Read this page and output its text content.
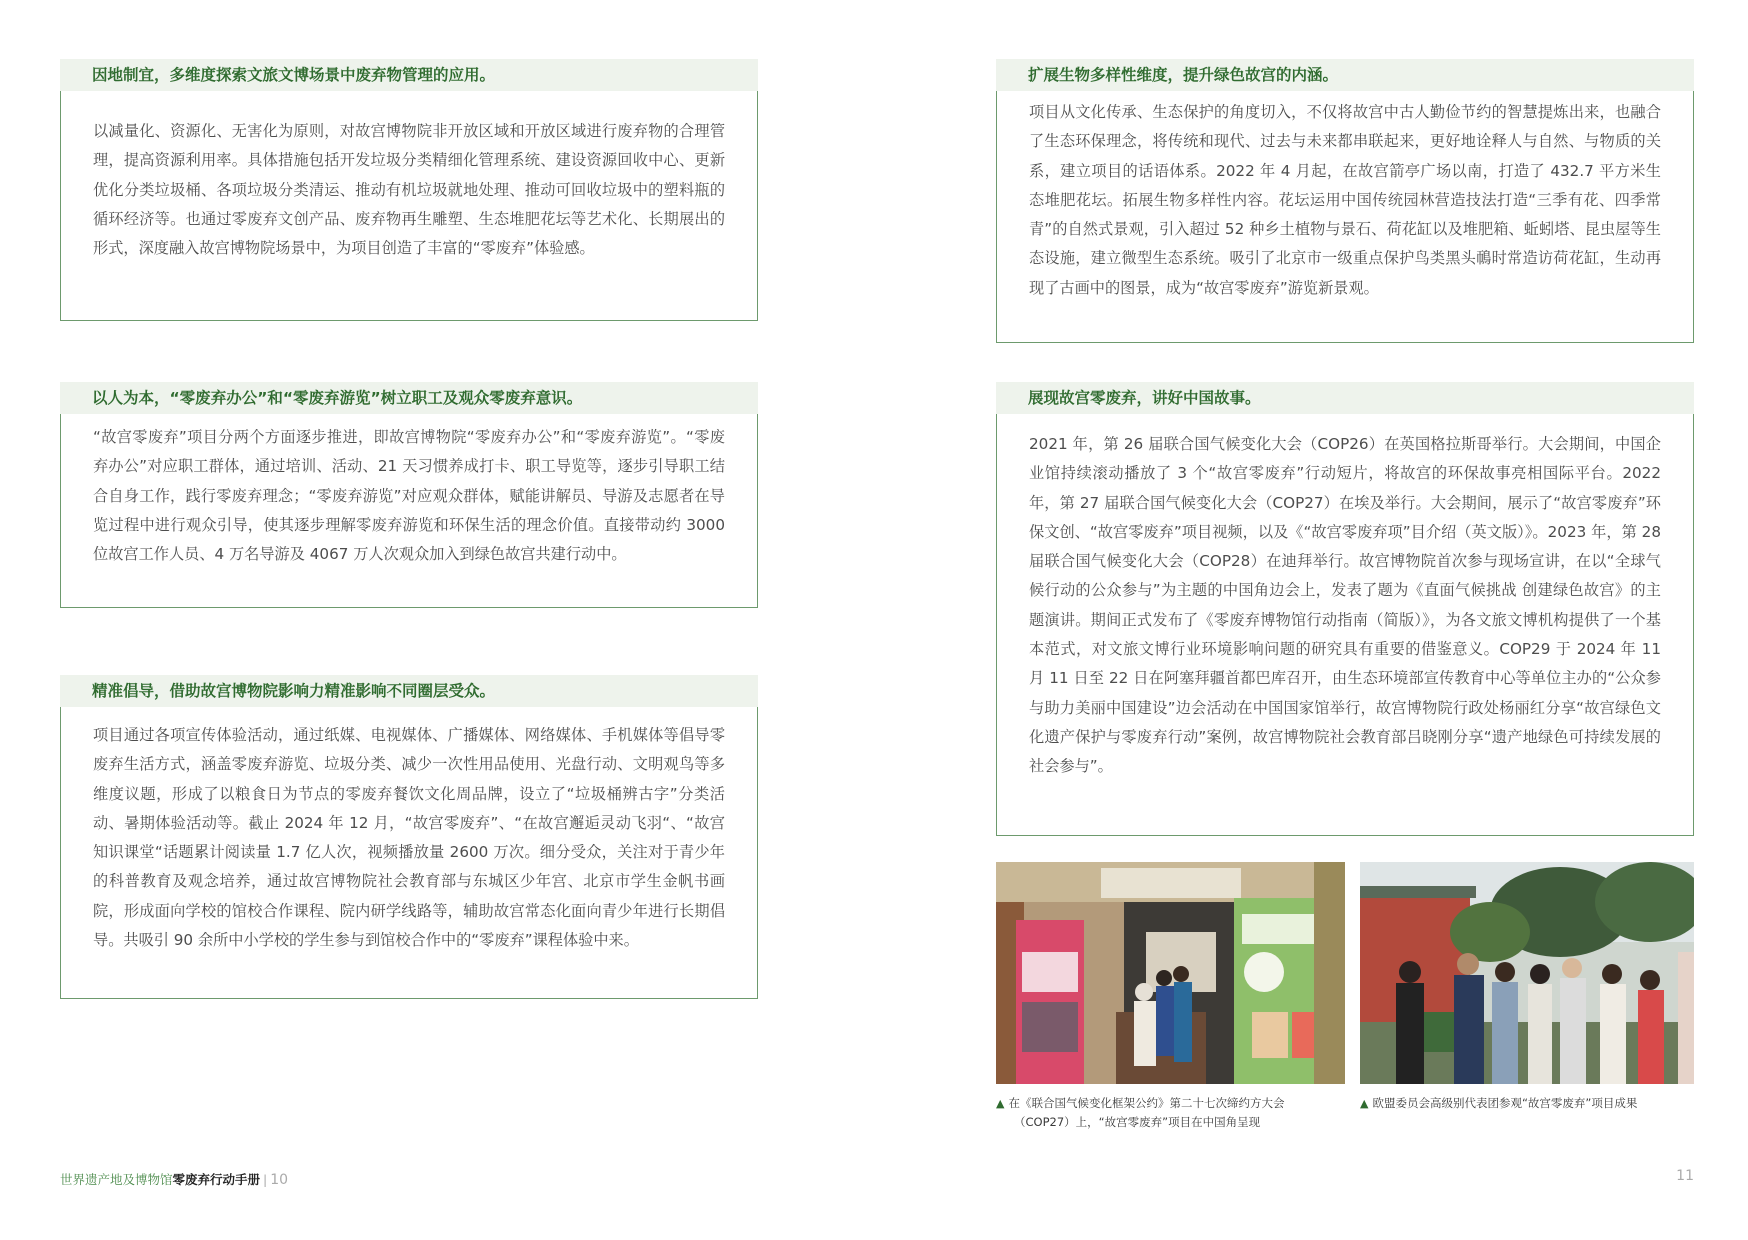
因地制宜，多维度探索文旅文博场景中废弃物管理的应用。
以减量化、资源化、无害化为原则，对故宫博物院非开放区域和开放区域进行废弃物的合理管理，提高资源利用率。具体措施包括开发垃圾分类精细化管理系统、建设资源回收中心、更新优化分类垃圾桶、各项垃圾分类清运、推动有机垃圾就地处理、推动可回收垃圾中的塑料瓶的循环经济等。也通过零废弃文创产品、废弃物再生雕塑、生态堆肥花坛等艺术化、长期展出的形式，深度融入故宫博物院场景中，为项目创造了丰富的“零废弃”体验感。
以人为本，“零废弃办公”和“零废弃游览”树立职工及观众零废弃意识。
“故宫零废弃”项目分两个方面逐步推进，即故宫博物院“零废弃办公”和“零废弃游览”。“零废弃办公”对应职工群体，通过培训、活动、21 天习惯养成打卡、职工导览等，逐步引导职工结合自身工作，践行零废弃理念；“零废弃游览”对应观众群体，赋能讲解员、导游及志愿者在导览过程中进行观众引导，使其逐步理解零废弃游览和环保生活的理念价值。直接带动约 3000 位故宫工作人员、4 万名导游及 4067 万人次观众加入到绿色故宫共建行动中。
精准倡导，借助故宫博物院影响力精准影响不同圈层受众。
项目通过各项宣传体验活动，通过纸媒、电视媒体、广播媒体、网络媒体、手机媒体等倡导零废弃生活方式，涵盖零废弃游览、垃圾分类、减少一次性用品使用、光盘行动、文明观鸟等多维度议题，形成了以粮食日为节点的零废弃餐饮文化周品牌，设立了“垃圾桶辨古字”分类活动、暑期体验活动等。截止 2024 年 12 月，“故宫零废弃”、“在故宫邂逅灵动飞羽“、“故宫知识课堂“话题累计阅读量 1.7 亿人次，视频播放量 2600 万次。细分受众，关注对于青少年的科普教育及观念培养，通过故宫博物院社会教育部与东城区少年宫、北京市学生金帆书画院，形成面向学校的馆校合作课程、院内研学线路等，辅助故宫常态化面向青少年进行长期倡导。共吸引 90 余所中小学校的学生参与到馆校合作中的“零废弃”课程体验中来。
扩展生物多样性维度，提升绿色故宫的内涵。
项目从文化传承、生态保护的角度切入，不仅将故宫中古人勤俭节约的智慧提炼出来，也融合了生态环保理念，将传统和现代、过去与未来都串联起来，更好地诠释人与自然、与物质的关系，建立项目的话语体系。2022 年 4 月起，在故宫箭亭广场以南，打造了 432.7 平方米生态堆肥花坛。拓展生物多样性内容。花坛运用中国传统园林营造技法打造“三季有花、四季常青”的自然式景观，引入超过 52 种乡土植物与景石、荷花缸以及堆肥箱、蚯蚓塔、昆虫屋等生态设施，建立微型生态系统。吸引了北京市一级重点保护鸟类黑头鳾时常造访荷花缸，生动再现了古画中的图景，成为“故宫零废弃”游览新景观。
展现故宫零废弃，讲好中国故事。
2021 年，第 26 届联合国气候变化大会（COP26）在英国格拉斯哥举行。大会期间，中国企业馆持续滚动播放了 3 个“故宫零废弃”行动短片，将故宫的环保故事亮相国际平台。2022 年，第 27 届联合国气候变化大会（COP27）在埃及举行。大会期间，展示了“故宫零废弃”环保文创、“故宫零废弃”项目视频，以及《“故宫零废弃项”目介绍（英文版）》。2023 年，第 28 届联合国气候变化大会（COP28）在迪拜举行。故宫博物院首次参与现场宣讲，在以“全球气候行动的公众参与”为主题的中国角边会上，发表了题为《直面气候挑战 创建绿色故宫》的主题演讲。期间正式发布了《零废弃博物馆行动指南（简版）》，为各文旅文博机构提供了一个基本范式，对文旅文博行业环境影响问题的研究具有重要的借鉴意义。COP29 于 2024 年 11 月 11 日至 22 日在阿塞拜疆首都巴库召开，由生态环境部宣传教育中心等单位主办的“公众参与助力美丽中国建设”边会活动在中国国家馆举行，故宫博物院行政处杨丽红分享“故宫绿色文化遗产保护与零废弃行动”案例，故宫博物院社会教育部吕晓刚分享“遗产地绿色可持续发展的社会参与”。
▲ 在《联合国气候变化框架公约》第二十七次缔约方大会
（COP27）上，“故宫零废弃”项目在中国角呈现
▲ 欧盟委员会高级别代表团参观“故宫零废弃”项目成果
世界遗产地及博物馆零废弃行动手册 | 10	11
